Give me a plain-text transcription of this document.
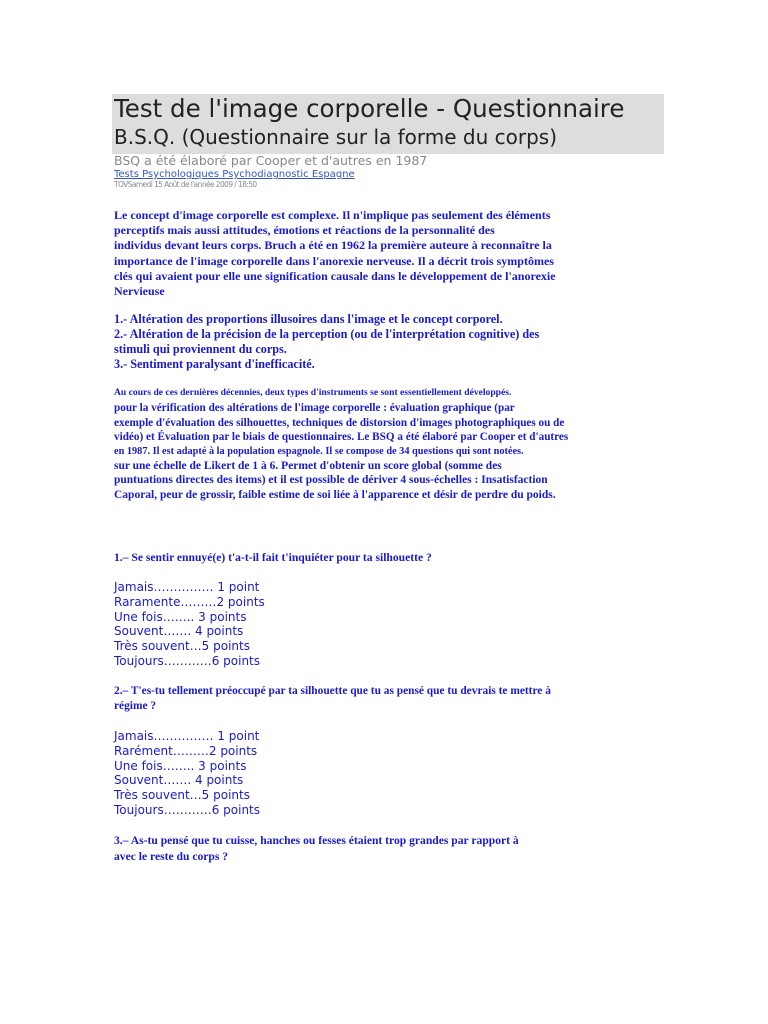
Test de l'image corporelle - Questionnaire
B.S.Q. (Questionnaire sur la forme du corps)
BSQ a été élaboré par Cooper et d'autres en 1987
Tests Psychologiques Psychodiagnostic Espagne
TOVSamedi 15 Août de l'année 2009 / 18:50
Le concept d'image corporelle est complexe. Il n'implique pas seulement des éléments
perceptifs mais aussi attitudes, émotions et réactions de la personnalité des
individus devant leurs corps. Bruch a été en 1962 la première auteure à reconnaître la
importance de l'image corporelle dans l'anorexie nerveuse. Il a décrit trois symptômes
clés qui avaient pour elle une signification causale dans le développement de l'anorexie
Nervieuse
1.- Altération des proportions illusoires dans l'image et le concept corporel.
2.- Altération de la précision de la perception (ou de l'interprétation cognitive) des
stimuli qui proviennent du corps.
3.- Sentiment paralysant d'inefficacité.
Au cours de ces dernières décennies, deux types d'instruments se sont essentiellement développés.
pour la vérification des altérations de l'image corporelle : évaluation graphique (par
exemple d'évaluation des silhouettes, techniques de distorsion d'images photographiques ou de
vidéo) et Évaluation par le biais de questionnaires. Le BSQ a été élaboré par Cooper et d'autres
en 1987. Il est adapté à la population espagnole. Il se compose de 34 questions qui sont notées.
sur une échelle de Likert de 1 à 6. Permet d'obtenir un score global (somme des
puntuations directes des items) et il est possible de dériver 4 sous-échelles : Insatisfaction
Caporal, peur de grossir, faible estime de soi liée à l'apparence et désir de perdre du poids.
1.– Se sentir ennuyé(e) t'a-t-il fait t'inquiéter pour ta silhouette ?
Jamais…………… 1 point
Raramente………2 points
Une fois…….. 3 points
Souvent……. 4 points
Très souvent…5 points
Toujours…………6 points
2.– T'es-tu tellement préoccupé par ta silhouette que tu as pensé que tu devrais te mettre à
régime ?
Jamais…………… 1 point
Rarément………2 points
Une fois…….. 3 points
Souvent……. 4 points
Très souvent…5 points
Toujours…………6 points
3.– As-tu pensé que tu cuisse, hanches ou fesses étaient trop grandes par rapport à
avec le reste du corps ?
